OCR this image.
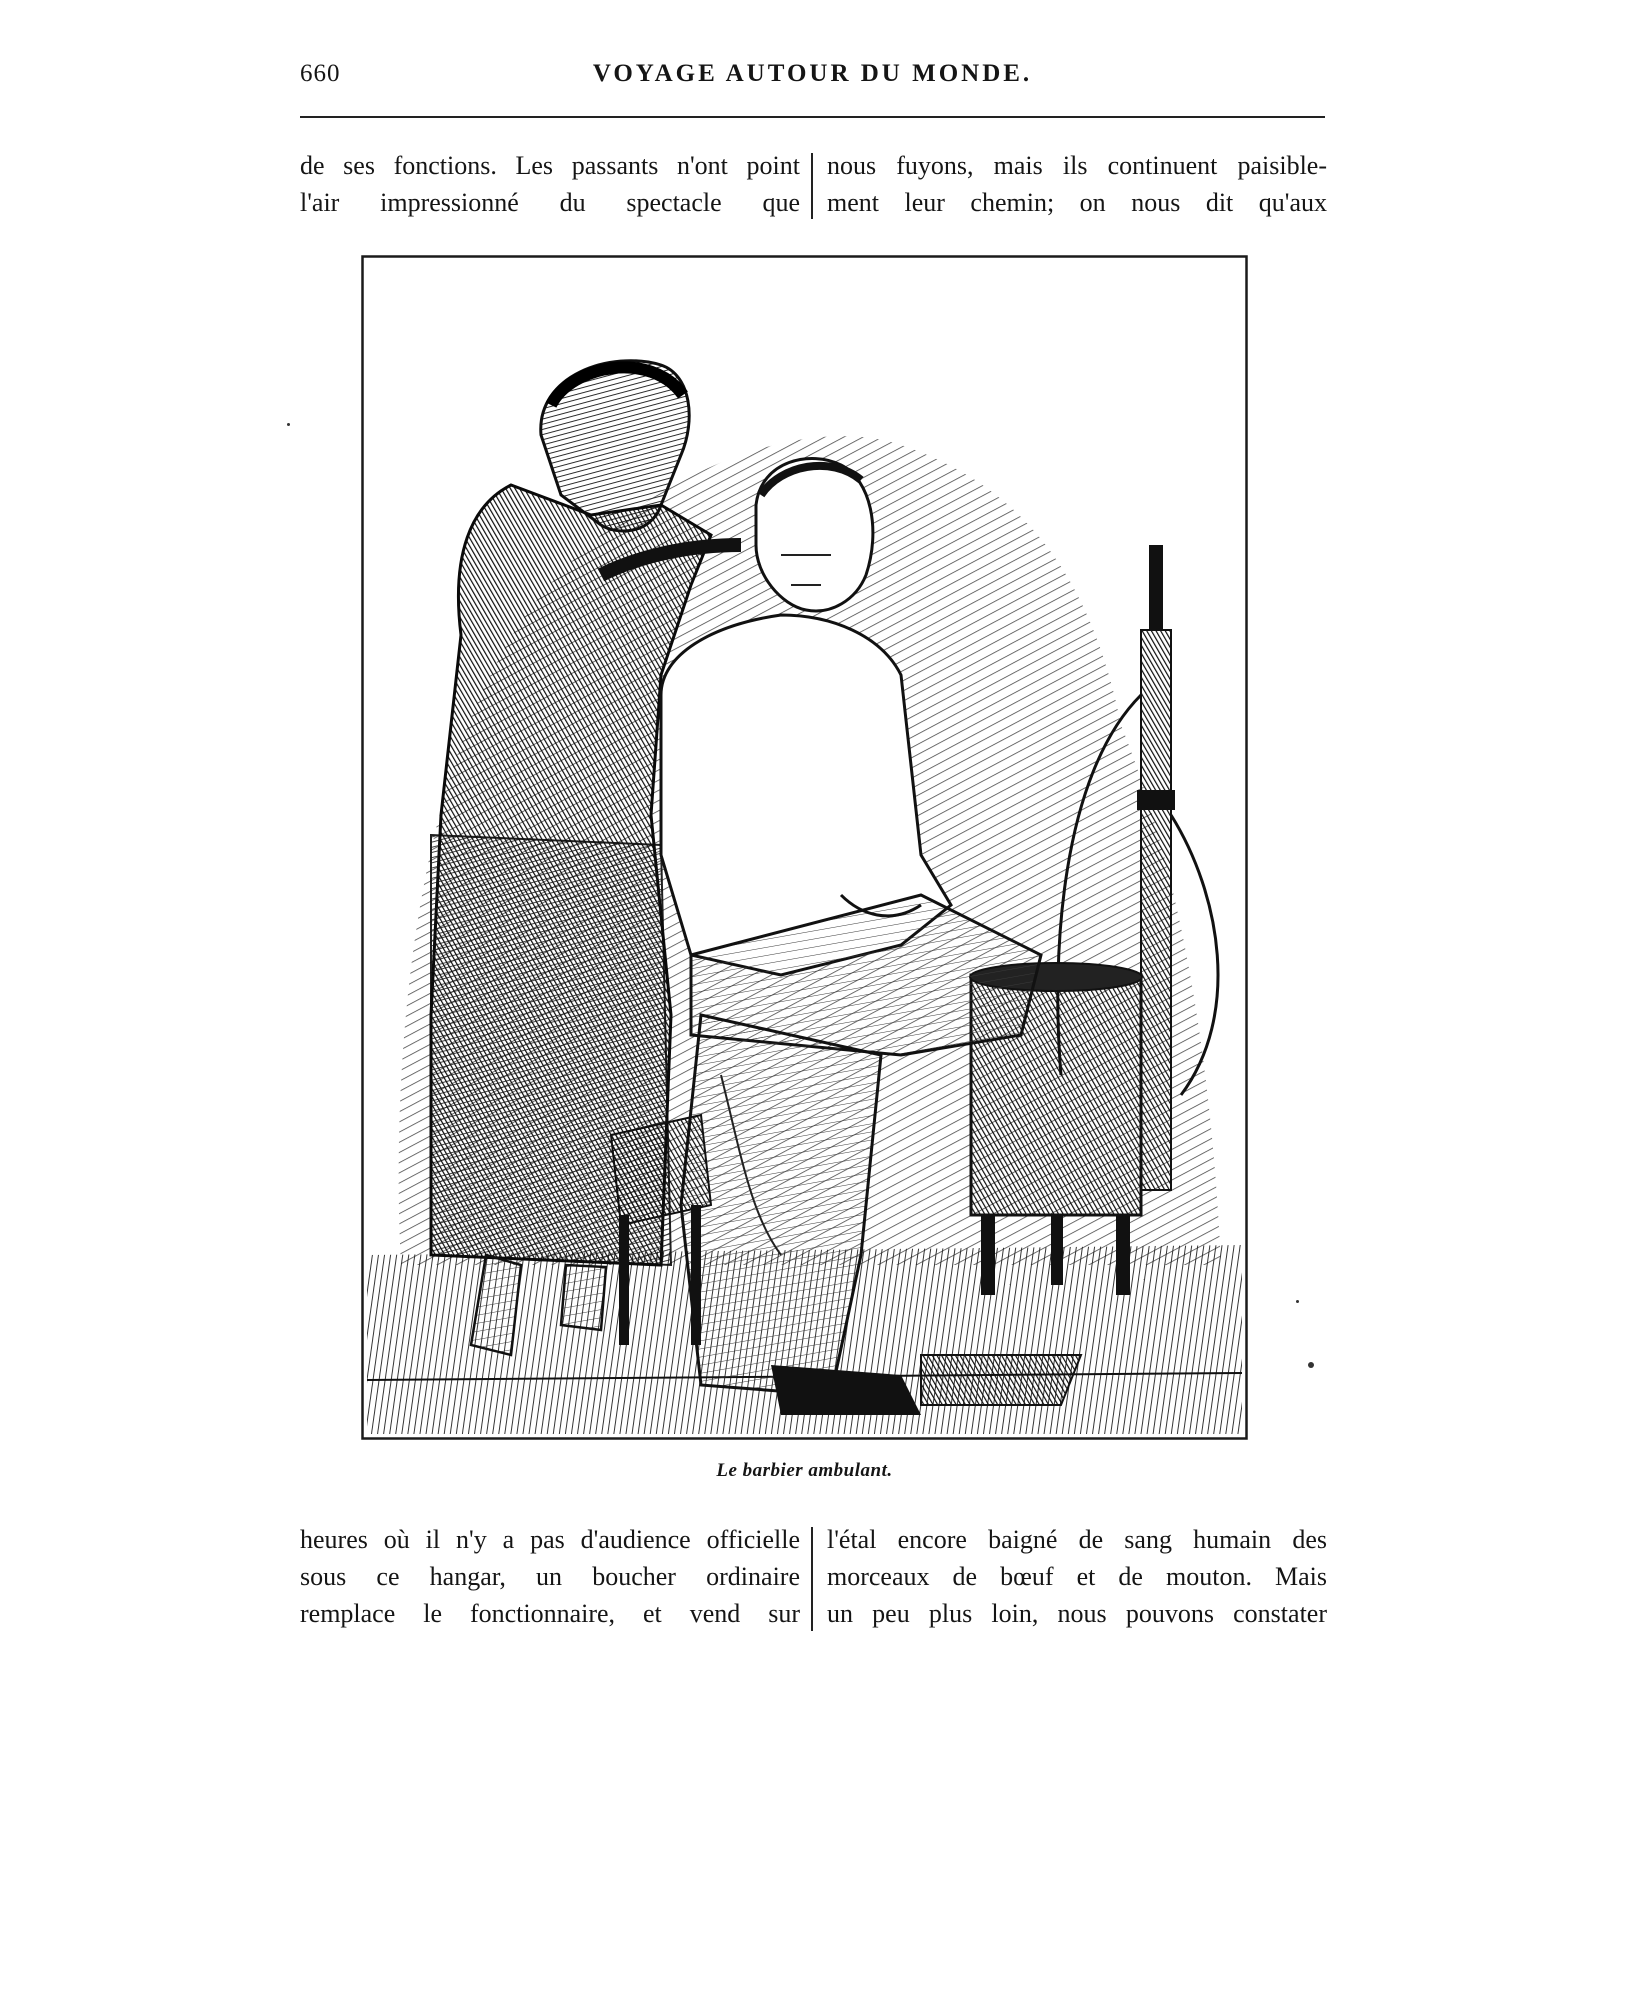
660	VOYAGE AUTOUR DU MONDE.
de ses fonctions. Les passants n'ont point
l'air impressionné du spectacle que
nous fuyons, mais ils continuent paisible-
ment leur chemin; on nous dit qu'aux
Le barbier ambulant.
heures où il n'y a pas d'audience officielle
sous ce hangar, un boucher ordinaire
remplace le fonctionnaire, et vend sur
l'étal encore baigné de sang humain des
morceaux de bœuf et de mouton. Mais
un peu plus loin, nous pouvons constater
